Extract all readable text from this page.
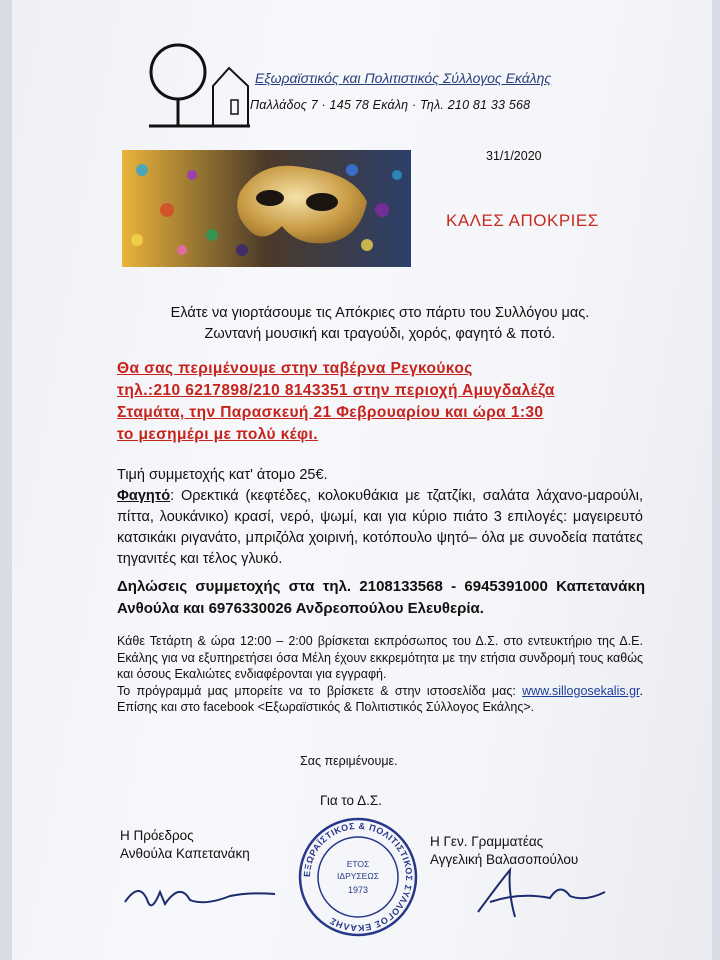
Εξωραϊστικός και Πολιτιστικός Σύλλογος Εκάλης
Παλλάδος 7 · 145 78 Εκάλη · Τηλ. 210 81 33 568
31/1/2020
ΚΑΛΕΣ ΑΠΟΚΡΙΕΣ
Ελάτε να γιορτάσουμε τις Απόκριες στο πάρτυ του Συλλόγου μας.
Ζωντανή μουσική και τραγούδι, χορός, φαγητό & ποτό.
Θα σας περιμένουμε στην ταβέρνα Ρεγκούκος
τηλ.:210 6217898/210 8143351 στην περιοχή Αμυγδαλέζα
Σταμάτα, την Παρασκευή 21 Φεβρουαρίου και ώρα 1:30
το μεσημέρι με πολύ κέφι.
Τιμή συμμετοχής κατ' άτομο 25€.
Φαγητό: Ορεκτικά (κεφτέδες, κολοκυθάκια με τζατζίκι, σαλάτα λάχανο-μαρούλι, πίττα, λουκάνικο) κρασί, νερό, ψωμί, και για κύριο πιάτο 3 επιλογές: μαγειρευτό κατσικάκι ριγανάτο, μπριζόλα χοιρινή, κοτόπουλο ψητό– όλα με συνοδεία πατάτες τηγανιτές και τέλος γλυκό.
Δηλώσεις συμμετοχής στα τηλ. 2108133568 - 6945391000 Καπετανάκη Ανθούλα και 6976330026 Ανδρεοπούλου Ελευθερία.
Κάθε Τετάρτη & ώρα 12:00 – 2:00 βρίσκεται εκπρόσωπος του Δ.Σ. στο εντευκτήριο της Δ.Ε. Εκάλης για να εξυπηρετήσει όσα Μέλη έχουν εκκρεμότητα με την ετήσια συνδρομή τους καθώς και όσους Εκαλιώτες ενδιαφέρονται για εγγραφή.
Το πρόγραμμά μας μπορείτε να το βρίσκετε & στην ιστοσελίδα μας: www.sillogosekalis.gr. Επίσης και στο facebook <Εξωραϊστικός & Πολιτιστικός Σύλλογος Εκάλης>.
Σας περιμένουμε.
Για το Δ.Σ.
Η Πρόεδρος
Ανθούλα Καπετανάκη
Η Γεν. Γραμματέας
Αγγελική Βαλασοπούλου
ΕΞΩΡΑΪΣΤΙΚΟΣ & ΠΟΛΙΤΙΣΤΙΚΟΣ ΣΥΛΛΟΓΟΣ ΕΚΑΛΗΣ
ΕΤΟΣ
ΙΔΡΥΣΕΩΣ
1973
